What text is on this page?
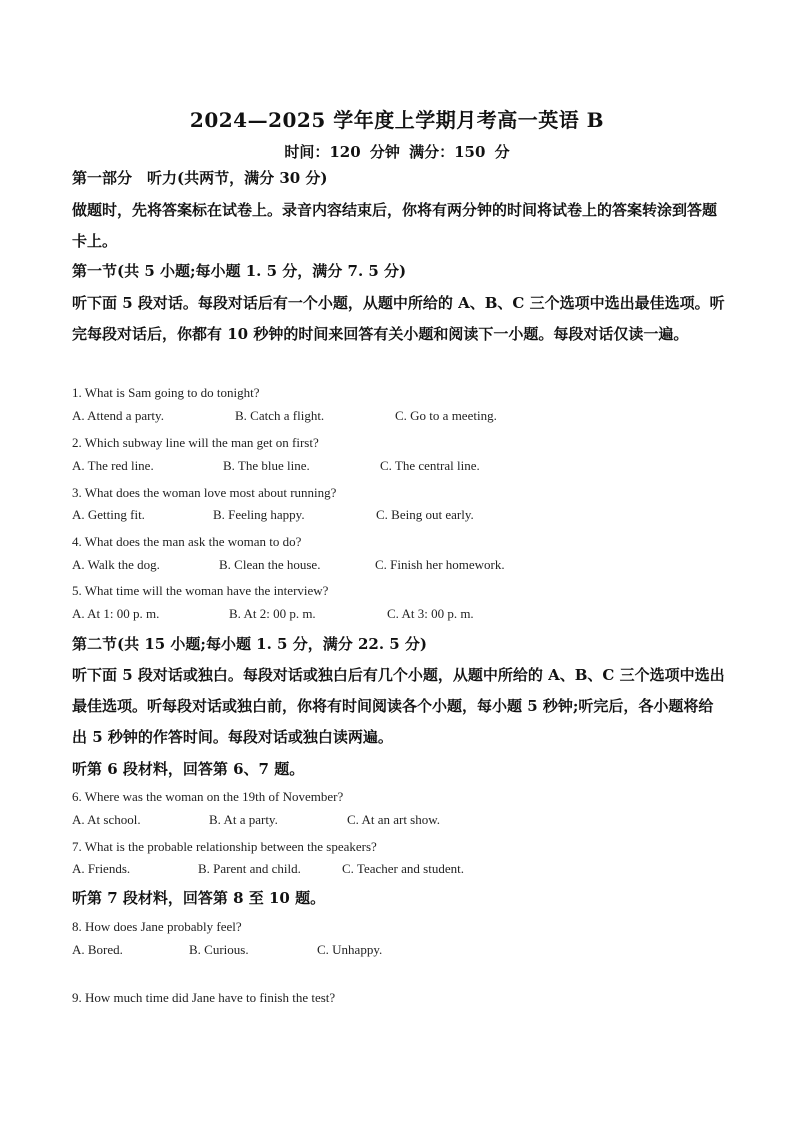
2024—2025 学年度上学期月考高一英语 B
时间：120 分钟 满分：150 分
第一部分　听力(共两节，满分 30 分)
做题时，先将答案标在试卷上。录音内容结束后，你将有两分钟的时间将试卷上的答案转涂到答题卡上。
第一节(共 5 小题;每小题 1. 5 分，满分 7. 5 分)
听下面 5 段对话。每段对话后有一个小题，从题中所给的 A、B、C 三个选项中选出最佳选项。听完每段对话后，你都有 10 秒钟的时间来回答有关小题和阅读下一小题。每段对话仅读一遍。
1. What is Sam going to do tonight?
A. Attend a party.	B. Catch a flight.	C. Go to a meeting.
2. Which subway line will the man get on first?
A. The red line.	B. The blue line.	C. The central line.
3. What does the woman love most about running?
A. Getting fit.	B. Feeling happy.	C. Being out early.
4. What does the man ask the woman to do?
A. Walk the dog.	B. Clean the house.	C. Finish her homework.
5. What time will the woman have the interview?
A. At 1: 00 p. m.	B. At 2: 00 p. m.	C. At 3: 00 p. m.
第二节(共 15 小题;每小题 1. 5 分，满分 22. 5 分)
听下面 5 段对话或独白。每段对话或独白后有几个小题，从题中所给的 A、B、C 三个选项中选出最佳选项。听每段对话或独白前，你将有时间阅读各个小题，每小题 5 秒钟;听完后，各小题将给出 5 秒钟的作答时间。每段对话或独白读两遍。
听第 6 段材料，回答第 6、7 题。
6. Where was the woman on the 19th of November?
A. At school.	B. At a party.	C. At an art show.
7. What is the probable relationship between the speakers?
A. Friends.	B. Parent and child.	C. Teacher and student.
听第 7 段材料，回答第 8 至 10 题。
8. How does Jane probably feel?
A. Bored.	B. Curious.	C. Unhappy.
9. How much time did Jane have to finish the test?
